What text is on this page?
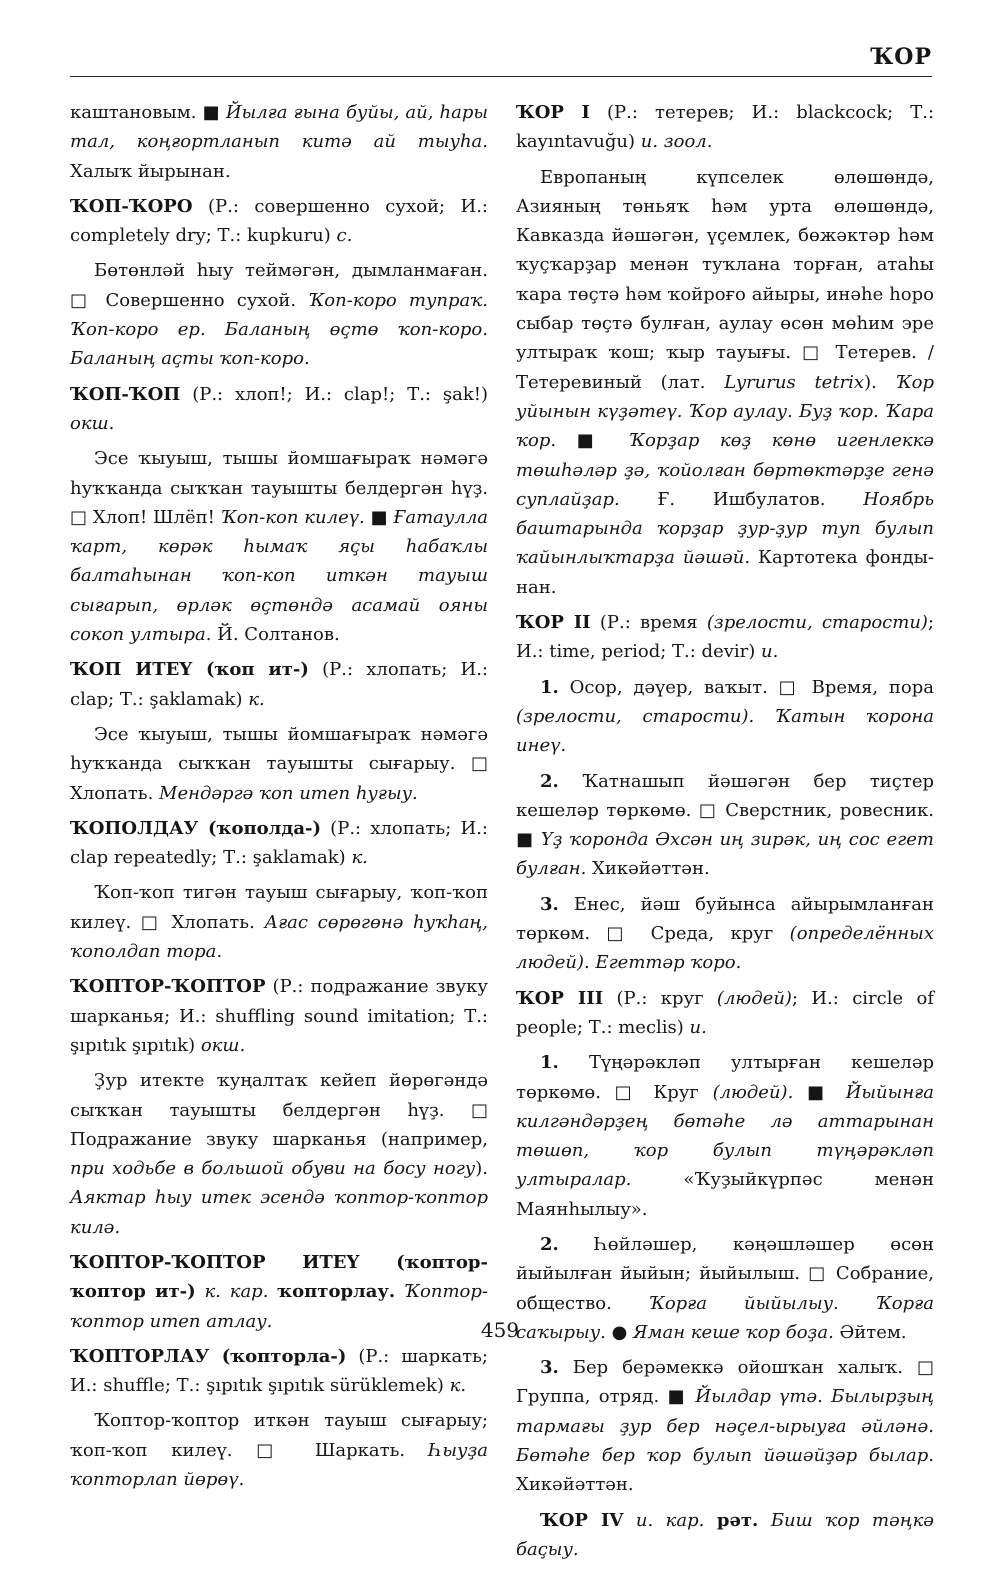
ҠОР

каштановым. ■ Йылға ғына буйы, ай, һары тал, коңғортланып китә ай тыуһа. Халыҡ йырынан.

ҠОП-ҠОРО (Р.: совершенно сухой; И.: completely dry; Т.: kupkuru) с.

Бөтөнләй һыу теймәгән, дымланмаған. □ Совершенно сухой. Ҡоп-коро тупраҡ. Ҡоп-коро ер. Баланың өҫтө ҡоп-коро. Баланың аҫты ҡоп-коро.

ҠОП-ҠОП (Р.: хлоп!; И.: clap!; Т.: şak!) окш.

Эсе ҡыуыш, тышы йомшағыраҡ нәмәгә һуҡҡанда сыҡҡан тауышты белдергән һүҙ. □ Хлоп! Шлёп! Ҡоп-коп килеү. ■ Ғатаулла ҡарт, көрәк һымаҡ яҫы һабаҡлы балтаһынан ҡоп-коп иткән тауыш сығарып, өрләк өҫтөндә асамай ояны сокоп ултыра. Й. Солтанов.

ҠОП ИТЕҮ (ҡоп ит-) (Р.: хлопать; И.: clap; Т.: şaklamak) к.

Эсе ҡыуыш, тышы йомшағыраҡ нәмәгә һуҡҡанда сыҡҡан тауышты сығарыу. □ Хлопать. Мендәргә ҡоп итеп һуғыу.

ҠОПОЛДАУ (ҡополда-) (Р.: хлопать; И.: clap repeatedly; Т.: şaklamak) к.

Ҡоп-ҡоп тигән тауыш сығарыу, ҡоп-ҡоп килеү. □ Хлопать. Ағас сөрөгөнә һуҡһаң, ҡополдап тора.

ҠОПТОР-ҠОПТОР (Р.: подражание звуку шарканья; И.: shuffling sound imitation; Т.: şıpıtık şıpıtık) окш.

Ҙур итекте ҡуңалтаҡ кейеп йөрөгәндә сыҡҡан тауышты белдергән һүҙ. □ Подражание звуку шарканья (например, при ходьбе в большой обуви на босу ногу). Аяктар һыу итек эсендә ҡоптор-ҡоптор килә.

ҠОПТОР-ҠОПТОР ИТЕҮ (ҡоптор-ҡоптор ит-) к. кар. ҡопторлау. Ҡоптор-ҡоптор итеп атлау.

ҠОПТОРЛАУ (ҡопторла-) (Р.: шаркать; И.: shuffle; Т.: şıpıtık şıpıtık sürüklemek) к.

Ҡоптор-ҡоптор иткән тауыш сығарыу; ҡоп-ҡоп килеү. □ Шаркать. Һыуҙа ҡопторлап йөрөү.

ҠОР I (Р.: тетерев; И.: blackcock; Т.: kayıntavuğu) и. зоол.

Европаның күпселек өлөшөндә, Азияның төньяҡ һәм урта өлөшөндә, Кавказда йәшәгән, үҫемлек, бөжәктәр һәм ҡуҫҡарҙар менән туҡлана торған, атаһы ҡара төҫтә һәм ҡойроғо айыры, инәһе һоро сыбар төҫтә булған, аулау өсөн мөһим эре ултыраҡ ҡош; ҡыр тауығы. □ Тетерев. / Тетеревиный (лат. Lyrurus tetrix). Ҡор уйынын күҙәтеү. Ҡор аулау. Буҙ ҡор. Ҡара ҡор. ■ Ҡорҙар көҙ көнө игенлеккә төшһәләр ҙә, ҡойолған бөртөктәрҙе генә суплайҙар. Ғ. Ишбулатов. Ноябрь баштарында ҡорҙар ҙур-ҙур туп булып ҡайынлыҡтарҙа йәшәй. Картотека фондынан.

ҠОР II (Р.: время (зрелости, старости); И.: time, period; Т.: devir) и.

1. Осор, дәүер, ваҡыт. □ Время, пора (зрелости, старости). Ҡатын ҡорона инеү.

2. Ҡатнашып йәшәгән бер тиҫтер кешеләр төркөмө. □ Сверстник, ровесник. ■ Үҙ ҡоронда Әхсән иң зирәк, иң сос егет булған. Хикәйәттән.

3. Енес, йәш буйынса айырымланған төркөм. □ Среда, круг (определённых людей). Егеттәр ҡоро.

ҠОР III (Р.: круг (людей); И.: circle of people; Т.: meclis) и.

1. Түңәрәкләп ултырған кешеләр төркөмө. □ Круг (людей). ■ Йыйынға килгәндәрҙең бөтәһе лә аттарынан төшөп, ҡор булып түңәрәкләп ултыралар. «Ҡуҙыйкүрпәс менән Маянһылыу».

2. Һөйләшер, кәңәшләшер өсөн йыйылған йыйын; йыйылыш. □ Собрание, общество. Ҡорға йыйылыу. Ҡорға саҡырыу. ● Яман кеше ҡор боҙа. Әйтем.

3. Бер берәмеккә ойошҡан халыҡ. □ Группа, отряд. ■ Йылдар үтә. Былырҙың тармағы ҙур бер нәҫел-ырыуға әйләнә. Бөтәһе бер ҡор булып йәшәйҙәр былар. Хикәйәттән.

ҠОР IV и. кар. рәт. Биш ҡор тәңкә баҫыу.

459
